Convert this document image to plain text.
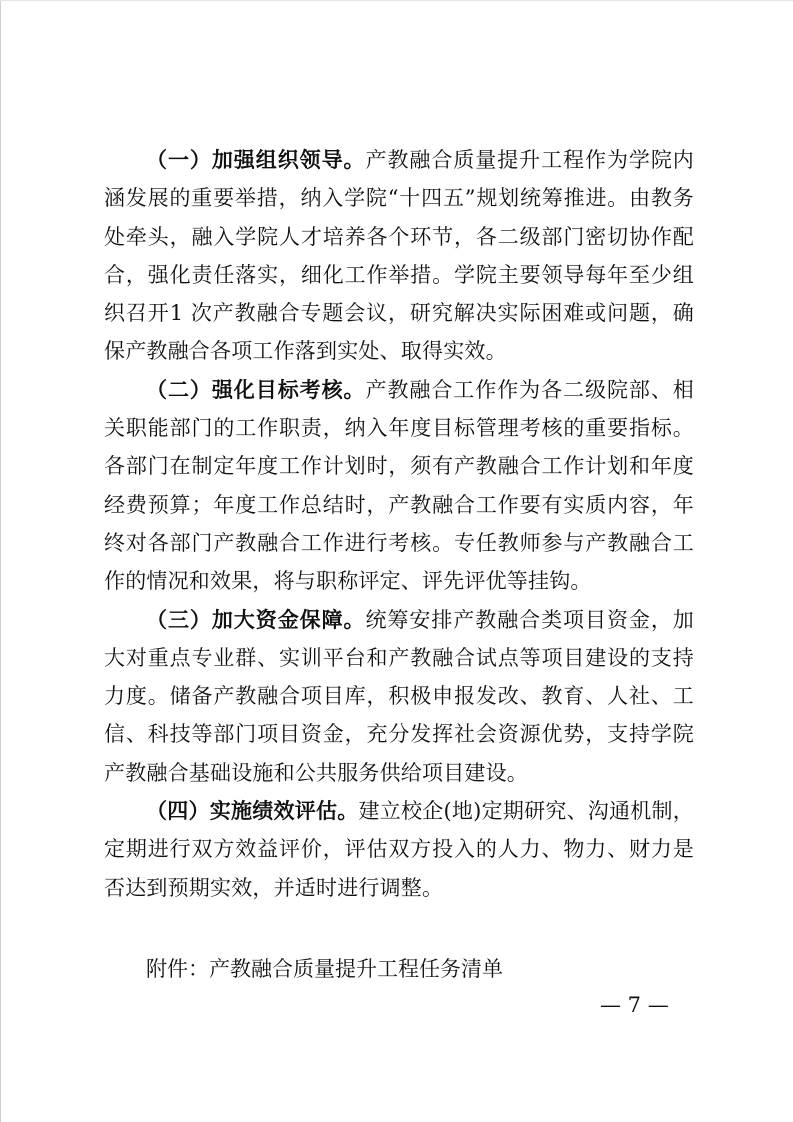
（一）加强组织领导。产教融合质量提升工程作为学院内涵发展的重要举措，纳入学院“十四五”规划统筹推进。由教务处牵头，融入学院人才培养各个环节，各二级部门密切协作配合，强化责任落实，细化工作举措。学院主要领导每年至少组织召开1 次产教融合专题会议，研究解决实际困难或问题，确保产教融合各项工作落到实处、取得实效。

（二）强化目标考核。产教融合工作作为各二级院部、相关职能部门的工作职责，纳入年度目标管理考核的重要指标。各部门在制定年度工作计划时，须有产教融合工作计划和年度经费预算；年度工作总结时，产教融合工作要有实质内容，年终对各部门产教融合工作进行考核。专任教师参与产教融合工作的情况和效果，将与职称评定、评先评优等挂钩。

（三）加大资金保障。统筹安排产教融合类项目资金，加大对重点专业群、实训平台和产教融合试点等项目建设的支持力度。储备产教融合项目库，积极申报发改、教育、人社、工信、科技等部门项目资金，充分发挥社会资源优势，支持学院产教融合基础设施和公共服务供给项目建设。

（四）实施绩效评估。建立校企(地)定期研究、沟通机制，定期进行双方效益评价，评估双方投入的人力、物力、财力是否达到预期实效，并适时进行调整。

附件：产教融合质量提升工程任务清单

— 7 —
